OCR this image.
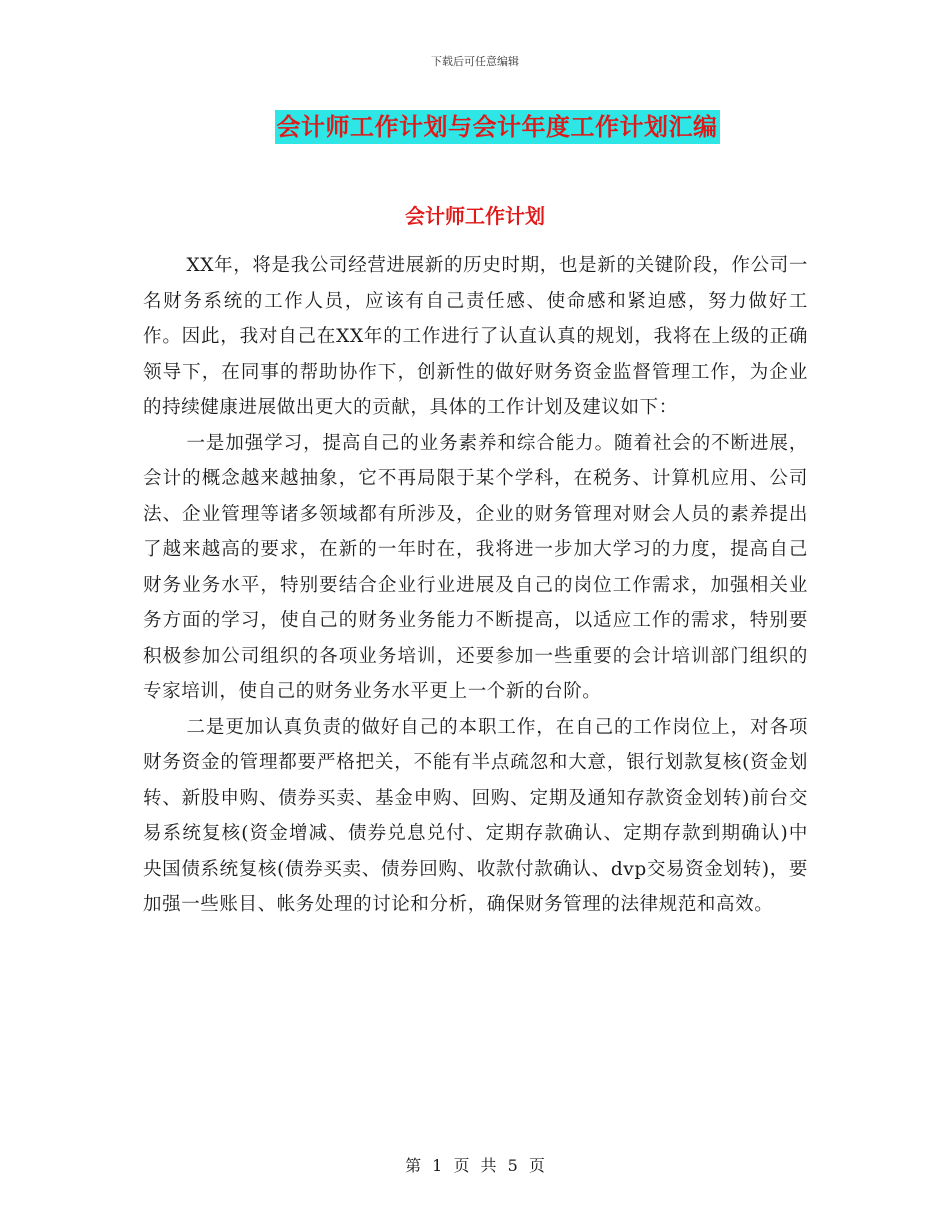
下载后可任意编辑
会计师工作计划与会计年度工作计划汇编
会计师工作计划

XX年，将是我公司经营进展新的历史时期，也是新的关键阶段，作公司一名财务系统的工作人员，应该有自己责任感、使命感和紧迫感，努力做好工作。因此，我对自己在XX年的工作进行了认直认真的规划，我将在上级的正确领导下，在同事的帮助协作下，创新性的做好财务资金监督管理工作，为企业的持续健康进展做出更大的贡献，具体的工作计划及建议如下：

一是加强学习，提高自己的业务素养和综合能力。随着社会的不断进展，会计的概念越来越抽象，它不再局限于某个学科，在税务、计算机应用、公司法、企业管理等诸多领域都有所涉及，企业的财务管理对财会人员的素养提出了越来越高的要求，在新的一年时在，我将进一步加大学习的力度，提高自己财务业务水平，特别要结合企业行业进展及自己的岗位工作需求，加强相关业务方面的学习，使自己的财务业务能力不断提高，以适应工作的需求，特别要积极参加公司组织的各项业务培训，还要参加一些重要的会计培训部门组织的专家培训，使自己的财务业务水平更上一个新的台阶。

二是更加认真负责的做好自己的本职工作，在自己的工作岗位上，对各项财务资金的管理都要严格把关，不能有半点疏忽和大意，银行划款复核(资金划转、新股申购、债券买卖、基金申购、回购、定期及通知存款资金划转)前台交易系统复核(资金增减、债券兑息兑付、定期存款确认、定期存款到期确认)中央国债系统复核(债券买卖、债券回购、收款付款确认、dvp交易资金划转)，要加强一些账目、帐务处理的讨论和分析，确保财务管理的法律规范和高效。

第 1 页 共 5 页
